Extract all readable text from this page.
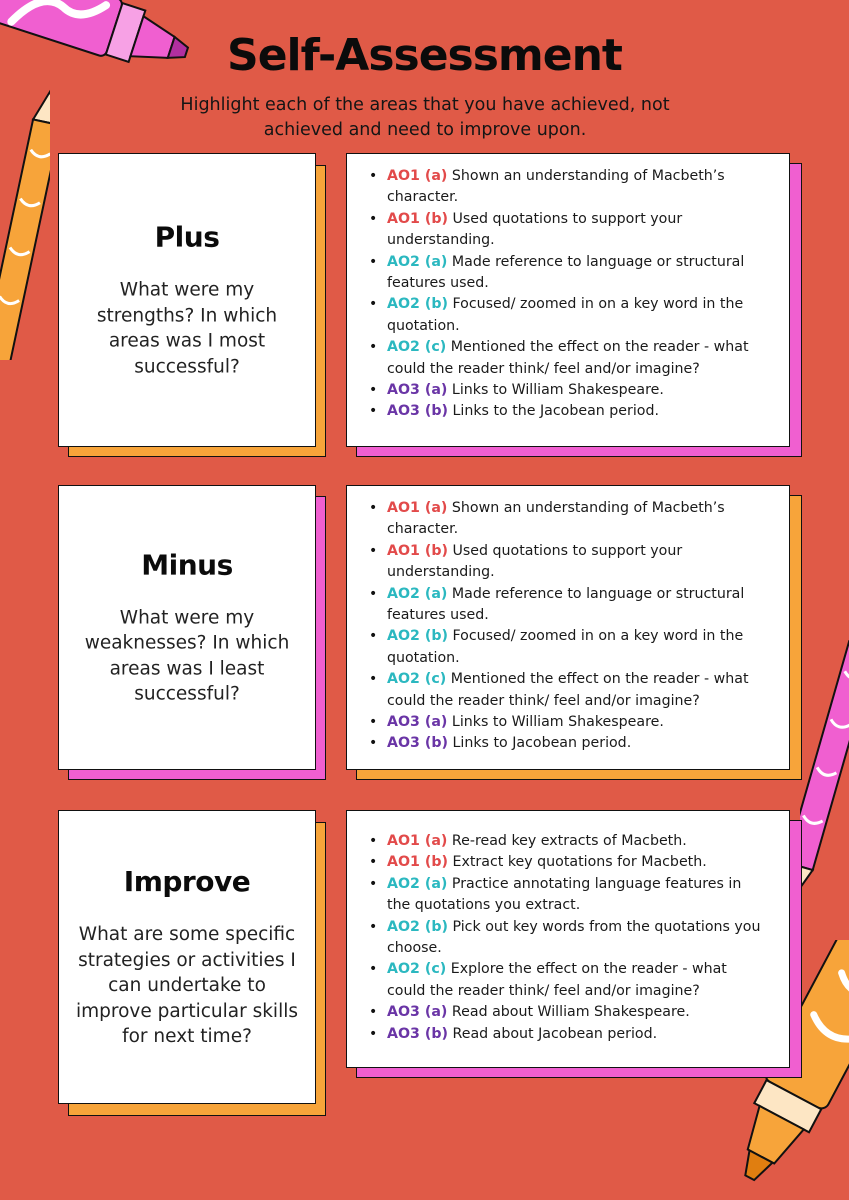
Self-Assessment
Highlight each of the areas that you have achieved, not achieved and need to improve upon.
Plus
What were my strengths? In which areas was I most successful?
• AO1 (a) Shown an understanding of Macbeth’s character.
• AO1 (b) Used quotations to support your understanding.
• AO2 (a) Made reference to language or structural features used.
• AO2 (b) Focused/ zoomed in on a key word in the quotation.
• AO2 (c) Mentioned the effect on the reader - what could the reader think/ feel and/or imagine?
• AO3 (a) Links to William Shakespeare.
• AO3 (b) Links to the Jacobean period.
Minus
What were my weaknesses? In which areas was I least successful?
• AO1 (a) Shown an understanding of Macbeth’s character.
• AO1 (b) Used quotations to support your understanding.
• AO2 (a) Made reference to language or structural features used.
• AO2 (b) Focused/ zoomed in on a key word in the quotation.
• AO2 (c) Mentioned the effect on the reader - what could the reader think/ feel and/or imagine?
• AO3 (a) Links to William Shakespeare.
• AO3 (b) Links to Jacobean period.
Improve
What are some specific strategies or activities I can undertake to improve particular skills for next time?
• AO1 (a) Re-read key extracts of Macbeth.
• AO1 (b) Extract key quotations for Macbeth.
• AO2 (a) Practice annotating language features in the quotations you extract.
• AO2 (b) Pick out key words from the quotations you choose.
• AO2 (c) Explore the effect on the reader - what could the reader think/ feel and/or imagine?
• AO3 (a) Read about William Shakespeare.
• AO3 (b) Read about Jacobean period.
